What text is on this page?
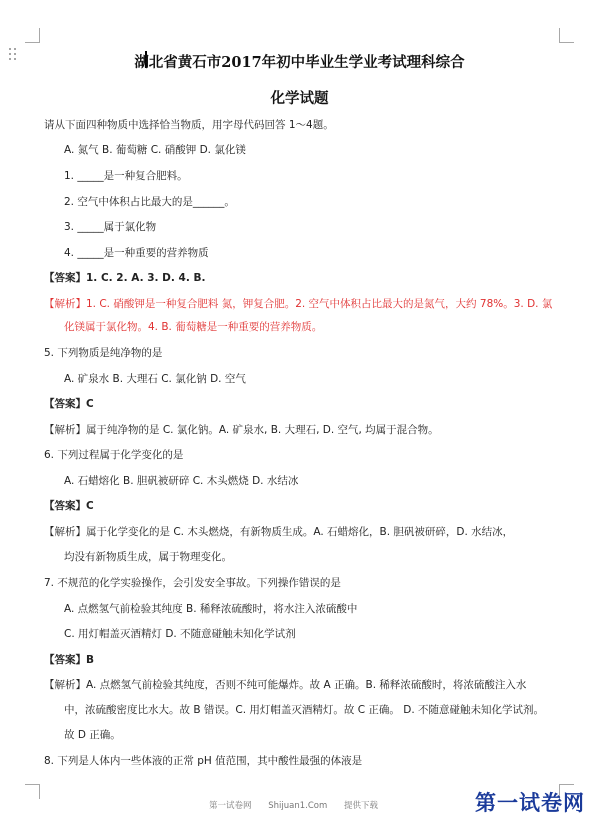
湖北省黄石市2017年初中毕业生学业考试理科综合
化学试题
请从下面四种物质中选择恰当物质，用字母代码回答 1～4题。
A. 氮气 B. 葡萄糖 C. 硝酸钾 D. 氯化镁
1. _____是一种复合肥料。
2. 空气中体积占比最大的是______。
3. _____属于氯化物
4. _____是一种重要的营养物质
【答案】1. C. 2. A. 3. D. 4. B.
【解析】1. C. 硝酸钾是一种复合肥料 氮，钾复合肥。2. 空气中体积占比最大的是氮气，大约 78%。3. D. 氯
化镁属于氯化物。4. B. 葡萄糖是一种重要的营养物质。
5. 下列物质是纯净物的是
A. 矿泉水 B. 大理石 C. 氯化钠 D. 空气
【答案】C
【解析】属于纯净物的是 C. 氯化钠。A. 矿泉水, B. 大理石, D. 空气, 均属于混合物。
6. 下列过程属于化学变化的是
A. 石蜡熔化 B. 胆矾被研碎 C. 木头燃烧 D. 水结冰
【答案】C
【解析】属于化学变化的是 C. 木头燃烧，有新物质生成。A. 石蜡熔化，B. 胆矾被研碎，D. 水结冰，
均没有新物质生成，属于物理变化。
7. 不规范的化学实验操作，会引发安全事故。下列操作错误的是
A. 点燃氢气前检验其纯度 B. 稀释浓硫酸时，将水注入浓硫酸中
C. 用灯帽盖灭酒精灯 D. 不随意碰触未知化学试剂
【答案】B
【解析】A. 点燃氢气前检验其纯度，否则不纯可能爆炸。故 A 正确。B. 稀释浓硫酸时，将浓硫酸注入水
中，浓硫酸密度比水大。故 B 错误。C. 用灯帽盖灭酒精灯。故 C 正确。 D. 不随意碰触未知化学试剂。
故 D 正确。
8. 下列是人体内一些体液的正常 pH 值范围，其中酸性最强的体液是
第一试卷网 Shijuan1.Com 提供下载	第一试卷网
